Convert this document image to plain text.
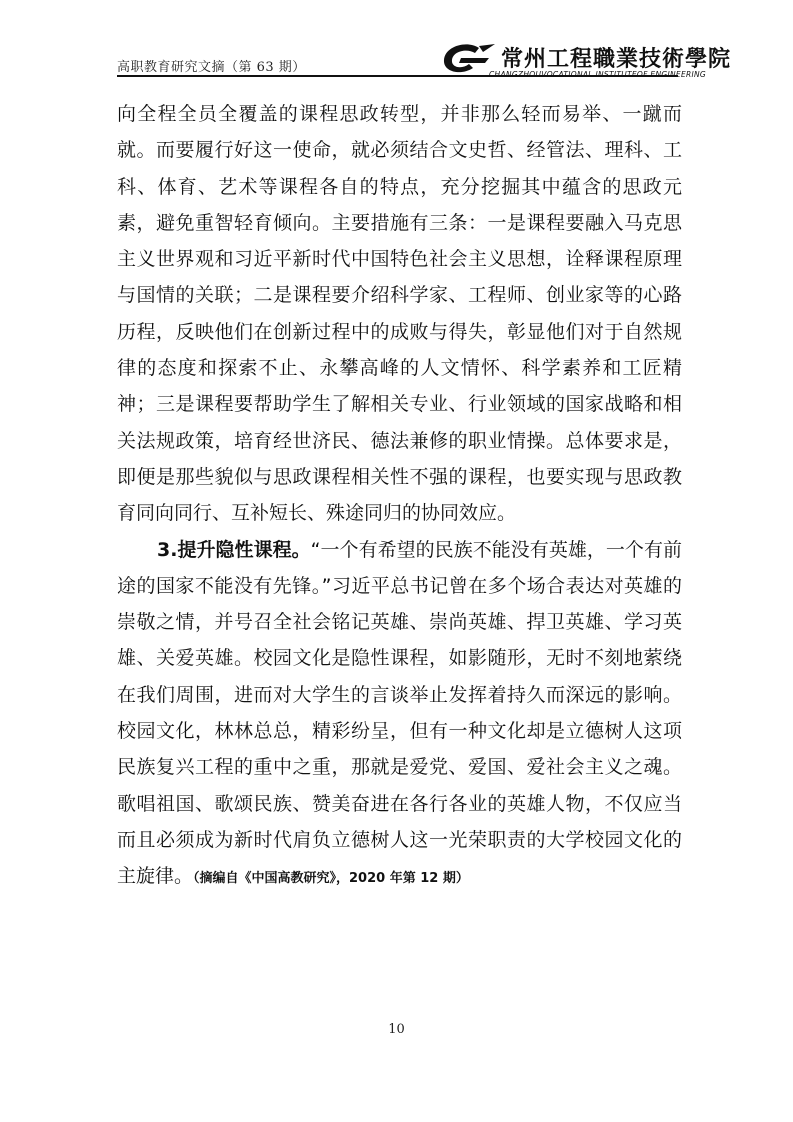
高职教育研究文摘（第 63 期）	常州工程職業技術學院
CHANGZHOUVOCATIONAL INSTITUTEOF ENGINEERING

向全程全员全覆盖的课程思政转型，并非那么轻而易举、一蹴而就。而要履行好这一使命，就必须结合文史哲、经管法、理科、工科、体育、艺术等课程各自的特点，充分挖掘其中蕴含的思政元素，避免重智轻育倾向。主要措施有三条：一是课程要融入马克思主义世界观和习近平新时代中国特色社会主义思想，诠释课程原理与国情的关联；二是课程要介绍科学家、工程师、创业家等的心路历程，反映他们在创新过程中的成败与得失，彰显他们对于自然规律的态度和探索不止、永攀高峰的人文情怀、科学素养和工匠精神；三是课程要帮助学生了解相关专业、行业领域的国家战略和相关法规政策，培育经世济民、德法兼修的职业情操。总体要求是，即便是那些貌似与思政课程相关性不强的课程，也要实现与思政教育同向同行、互补短长、殊途同归的协同效应。

3.提升隐性课程。“一个有希望的民族不能没有英雄，一个有前途的国家不能没有先锋。”习近平总书记曾在多个场合表达对英雄的崇敬之情，并号召全社会铭记英雄、崇尚英雄、捍卫英雄、学习英雄、关爱英雄。校园文化是隐性课程，如影随形，无时不刻地萦绕在我们周围，进而对大学生的言谈举止发挥着持久而深远的影响。校园文化，林林总总，精彩纷呈，但有一种文化却是立德树人这项民族复兴工程的重中之重，那就是爱党、爱国、爱社会主义之魂。歌唱祖国、歌颂民族、赞美奋进在各行各业的英雄人物，不仅应当而且必须成为新时代肩负立德树人这一光荣职责的大学校园文化的主旋律。（摘编自《中国高教研究》，2020 年第 12 期）

10
